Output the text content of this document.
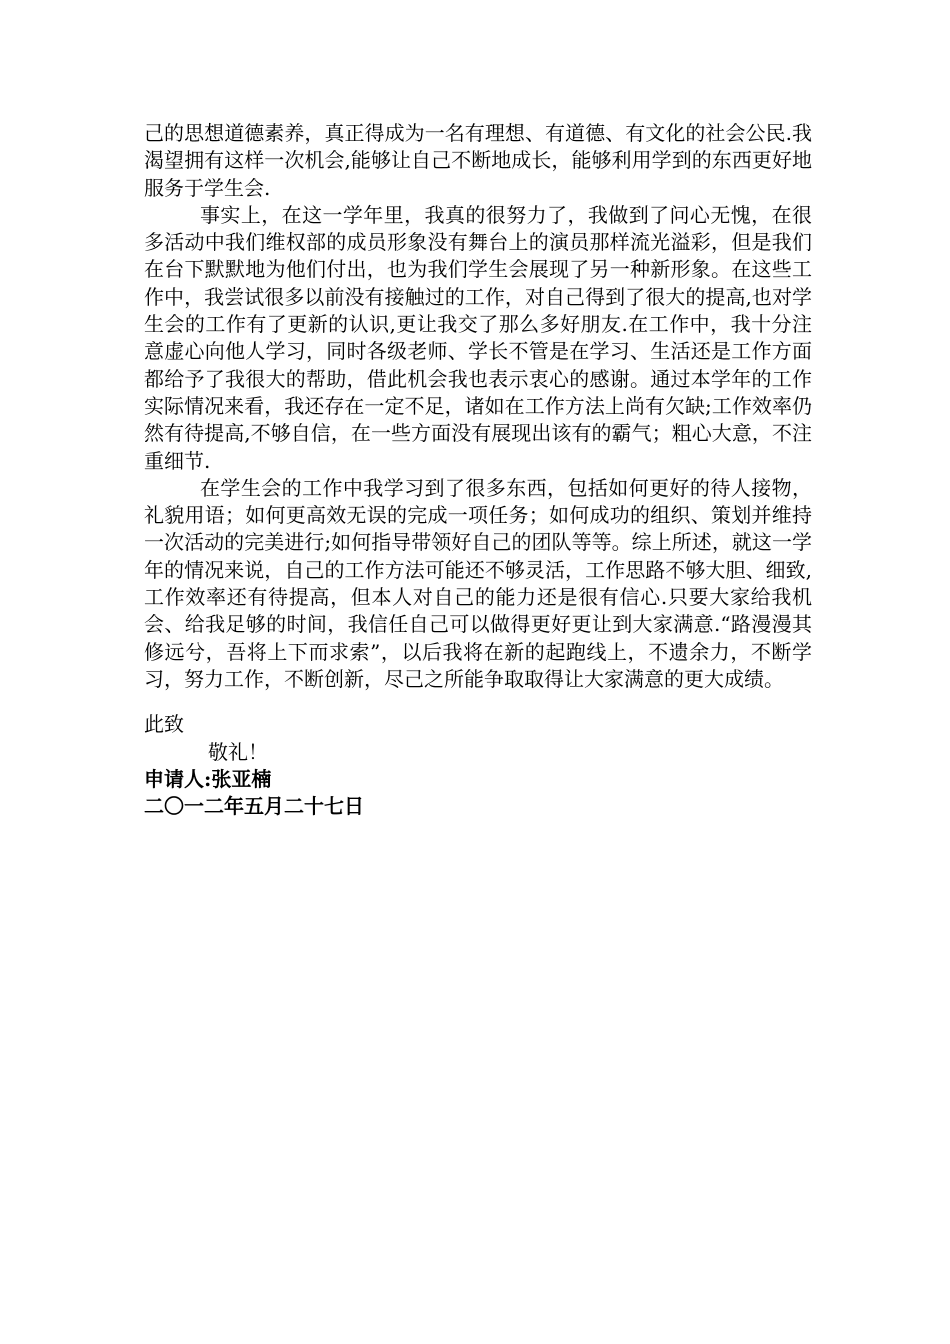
己的思想道德素养，真正得成为一名有理想、有道德、有文化的社会公民.我渴望拥有这样一次机会,能够让自己不断地成长，能够利用学到的东西更好地服务于学生会.

事实上，在这一学年里，我真的很努力了，我做到了问心无愧，在很多活动中我们维权部的成员形象没有舞台上的演员那样流光溢彩，但是我们在台下默默地为他们付出，也为我们学生会展现了另一种新形象。在这些工作中，我尝试很多以前没有接触过的工作，对自己得到了很大的提高,也对学生会的工作有了更新的认识,更让我交了那么多好朋友.在工作中，我十分注意虚心向他人学习，同时各级老师、学长不管是在学习、生活还是工作方面都给予了我很大的帮助，借此机会我也表示衷心的感谢。通过本学年的工作实际情况来看，我还存在一定不足，诸如在工作方法上尚有欠缺;工作效率仍然有待提高,不够自信，在一些方面没有展现出该有的霸气；粗心大意，不注重细节.

在学生会的工作中我学习到了很多东西，包括如何更好的待人接物，礼貌用语；如何更高效无误的完成一项任务；如何成功的组织、策划并维持一次活动的完美进行;如何指导带领好自己的团队等等。综上所述，就这一学年的情况来说，自己的工作方法可能还不够灵活，工作思路不够大胆、细致,工作效率还有待提高，但本人对自己的能力还是很有信心.只要大家给我机会、给我足够的时间，我信任自己可以做得更好更让到大家满意.“路漫漫其修远兮，吾将上下而求索”，以后我将在新的起跑线上，不遗余力，不断学习，努力工作，不断创新，尽己之所能争取取得让大家满意的更大成绩。

此致

敬礼！

申请人:张亚楠

二〇一二年五月二十七日
